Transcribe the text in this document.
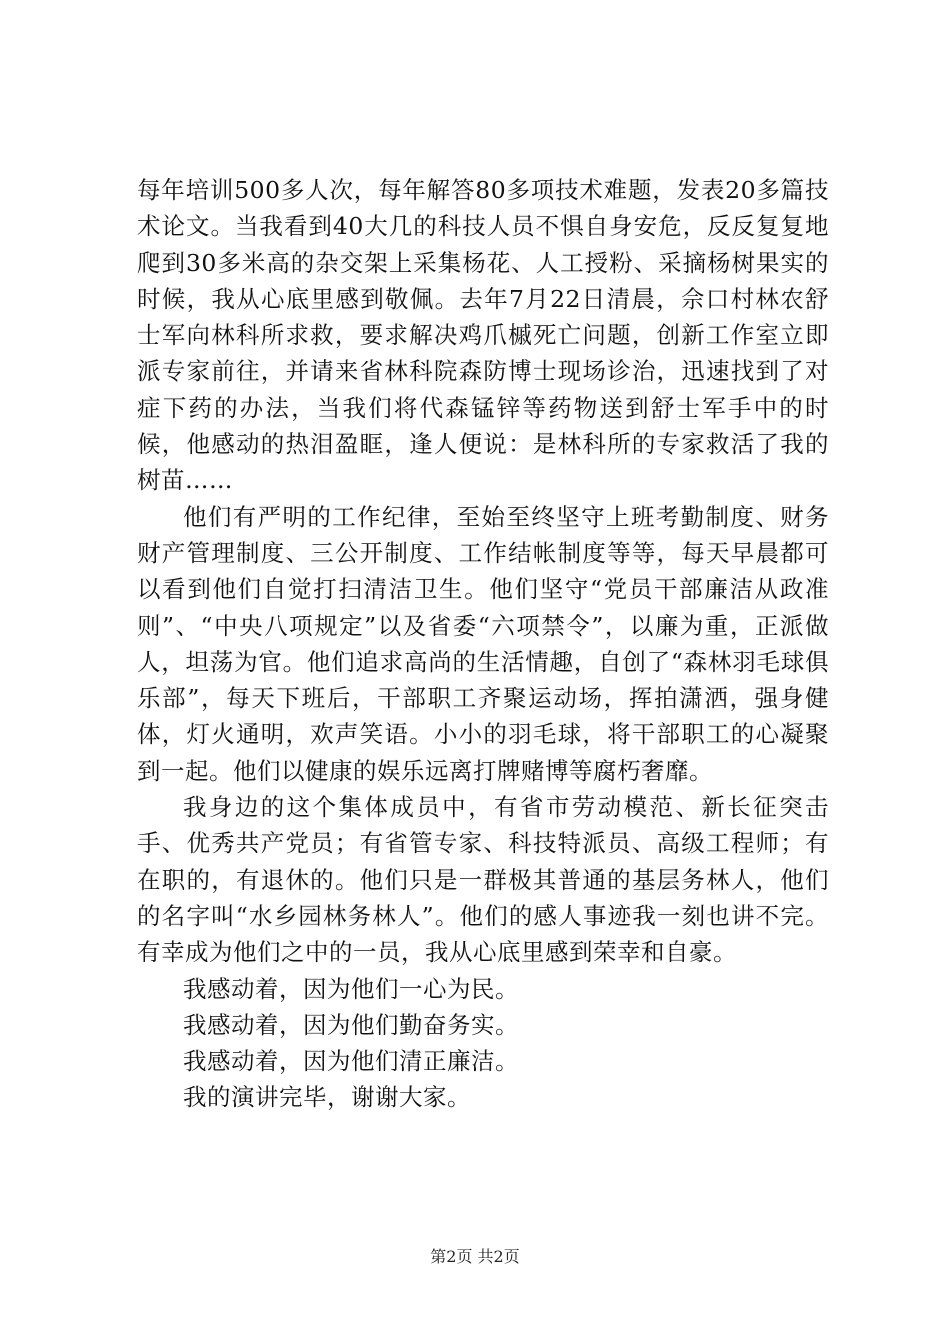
每年培训500多人次，每年解答80多项技术难题，发表20多篇技术论文。当我看到40大几的科技人员不惧自身安危，反反复复地爬到30多米高的杂交架上采集杨花、人工授粉、采摘杨树果实的时候，我从心底里感到敬佩。去年7月22日清晨，佘口村林农舒士军向林科所求救，要求解决鸡爪槭死亡问题，创新工作室立即派专家前往，并请来省林科院森防博士现场诊治，迅速找到了对症下药的办法，当我们将代森锰锌等药物送到舒士军手中的时候，他感动的热泪盈眶，逢人便说：是林科所的专家救活了我的树苗……

他们有严明的工作纪律，至始至终坚守上班考勤制度、财务财产管理制度、三公开制度、工作结帐制度等等，每天早晨都可以看到他们自觉打扫清洁卫生。他们坚守“党员干部廉洁从政准则”、“中央八项规定”以及省委“六项禁令”，以廉为重，正派做人，坦荡为官。他们追求高尚的生活情趣，自创了“森林羽毛球俱乐部”，每天下班后，干部职工齐聚运动场，挥拍潇洒，强身健体，灯火通明，欢声笑语。小小的羽毛球，将干部职工的心凝聚到一起。他们以健康的娱乐远离打牌赌博等腐朽奢靡。

我身边的这个集体成员中，有省市劳动模范、新长征突击手、优秀共产党员；有省管专家、科技特派员、高级工程师；有在职的，有退休的。他们只是一群极其普通的基层务林人，他们的名字叫“水乡园林务林人”。他们的感人事迹我一刻也讲不完。有幸成为他们之中的一员，我从心底里感到荣幸和自豪。

我感动着，因为他们一心为民。

我感动着，因为他们勤奋务实。

我感动着，因为他们清正廉洁。

我的演讲完毕，谢谢大家。

第2页 共2页
